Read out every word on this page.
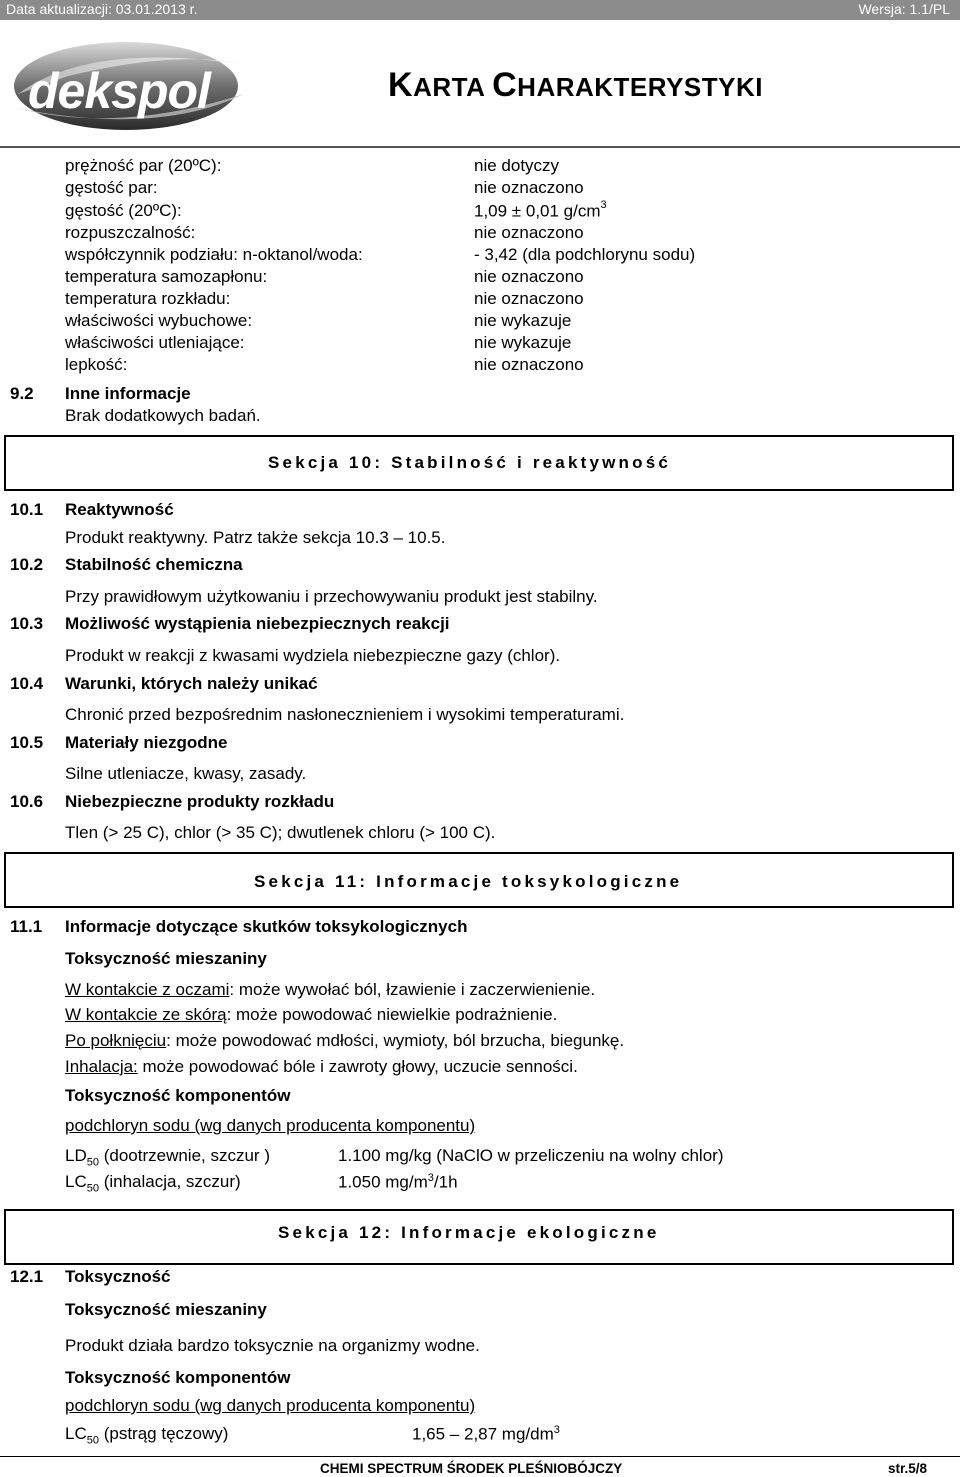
Data aktualizacji: 03.01.2013 r.	Wersja: 1.1/PL
dekspol	KARTA CHARAKTERYSTYKI
prężność par (20ºC):	nie dotyczy
gęstość par:	nie oznaczono
gęstość (20ºC):	1,09 ± 0,01 $g/cm^3$
rozpuszczalność:	nie oznaczono
współczynnik podziału: n-oktanol/woda:	- 3,42 (dla podchlorynu sodu)
temperatura samozapłonu:	nie oznaczono
temperatura rozkładu:	nie oznaczono
właściwości wybuchowe:	nie wykazuje
właściwości utleniające:	nie wykazuje
lepkość:	nie oznaczono
9.2 Inne informacje
Brak dodatkowych badań.
Sekcja 10: Stabilność i reaktywność
10.1 Reaktywność
Produkt reaktywny. Patrz także sekcja 10.3 – 10.5.
10.2 Stabilność chemiczna
Przy prawidłowym użytkowaniu i przechowywaniu produkt jest stabilny.
10.3 Możliwość wystąpienia niebezpiecznych reakcji
Produkt w reakcji z kwasami wydziela niebezpieczne gazy (chlor).
10.4 Warunki, których należy unikać
Chronić przed bezpośrednim nasłonecznieniem i wysokimi temperaturami.
10.5 Materiały niezgodne
Silne utleniacze, kwasy, zasady.
10.6 Niebezpieczne produkty rozkładu
Tlen (> 25 C), chlor (> 35 C); dwutlenek chloru (> 100 C).
Sekcja 11: Informacje toksykologiczne
11.1 Informacje dotyczące skutków toksykologicznych
Toksyczność mieszaniny
W kontakcie z oczami: może wywołać ból, łzawienie i zaczerwienienie.
W kontakcie ze skórą: może powodować niewielkie podrażnienie.
Po połknięciu: może powodować mdłości, wymioty, ból brzucha, biegunkę.
Inhalacja: może powodować bóle i zawroty głowy, uczucie senności.
Toksyczność komponentów
podchloryn sodu (wg danych producenta komponentu)
$LD_{50}$ (dootrzewnie, szczur )	1.100 mg/kg (NaClO w przeliczeniu na wolny chlor)
$LC_{50}$ (inhalacja, szczur)	1.050 $mg/m^3/1h$
Sekcja 12: Informacje ekologiczne
12.1 Toksyczność
Toksyczność mieszaniny
Produkt działa bardzo toksycznie na organizmy wodne.
Toksyczność komponentów
podchloryn sodu (wg danych producenta komponentu)
$LC_{50}$ (pstrąg tęczowy)	1,65 – 2,87 $mg/dm^3$
CHEMI SPECTRUM ŚRODEK PLEŚNIOBÓJCZY	str.5/8
